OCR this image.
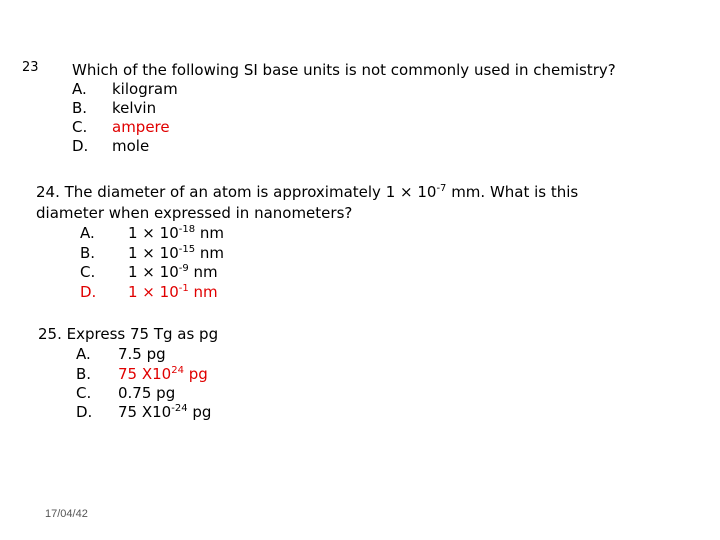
23 Which of the following SI base units is not commonly used in chemistry?
A. kilogram
B. kelvin
C. ampere
D. mole
24. The diameter of an atom is approximately $1 \times 10^{-7}$ mm. What is this
diameter when expressed in nanometers?
A. $1 \times 10^{-18}$ nm
B. $1 \times 10^{-15}$ nm
C. $1 \times 10^{-9}$ nm
D. $1 \times 10^{-1}$ nm
25. Express 75 Tg as pg
A. 7.5 pg
B. 75 $X10^{24}$ pg
C. 0.75 pg
D. 75 $X10^{-24}$ pg
17/04/42
